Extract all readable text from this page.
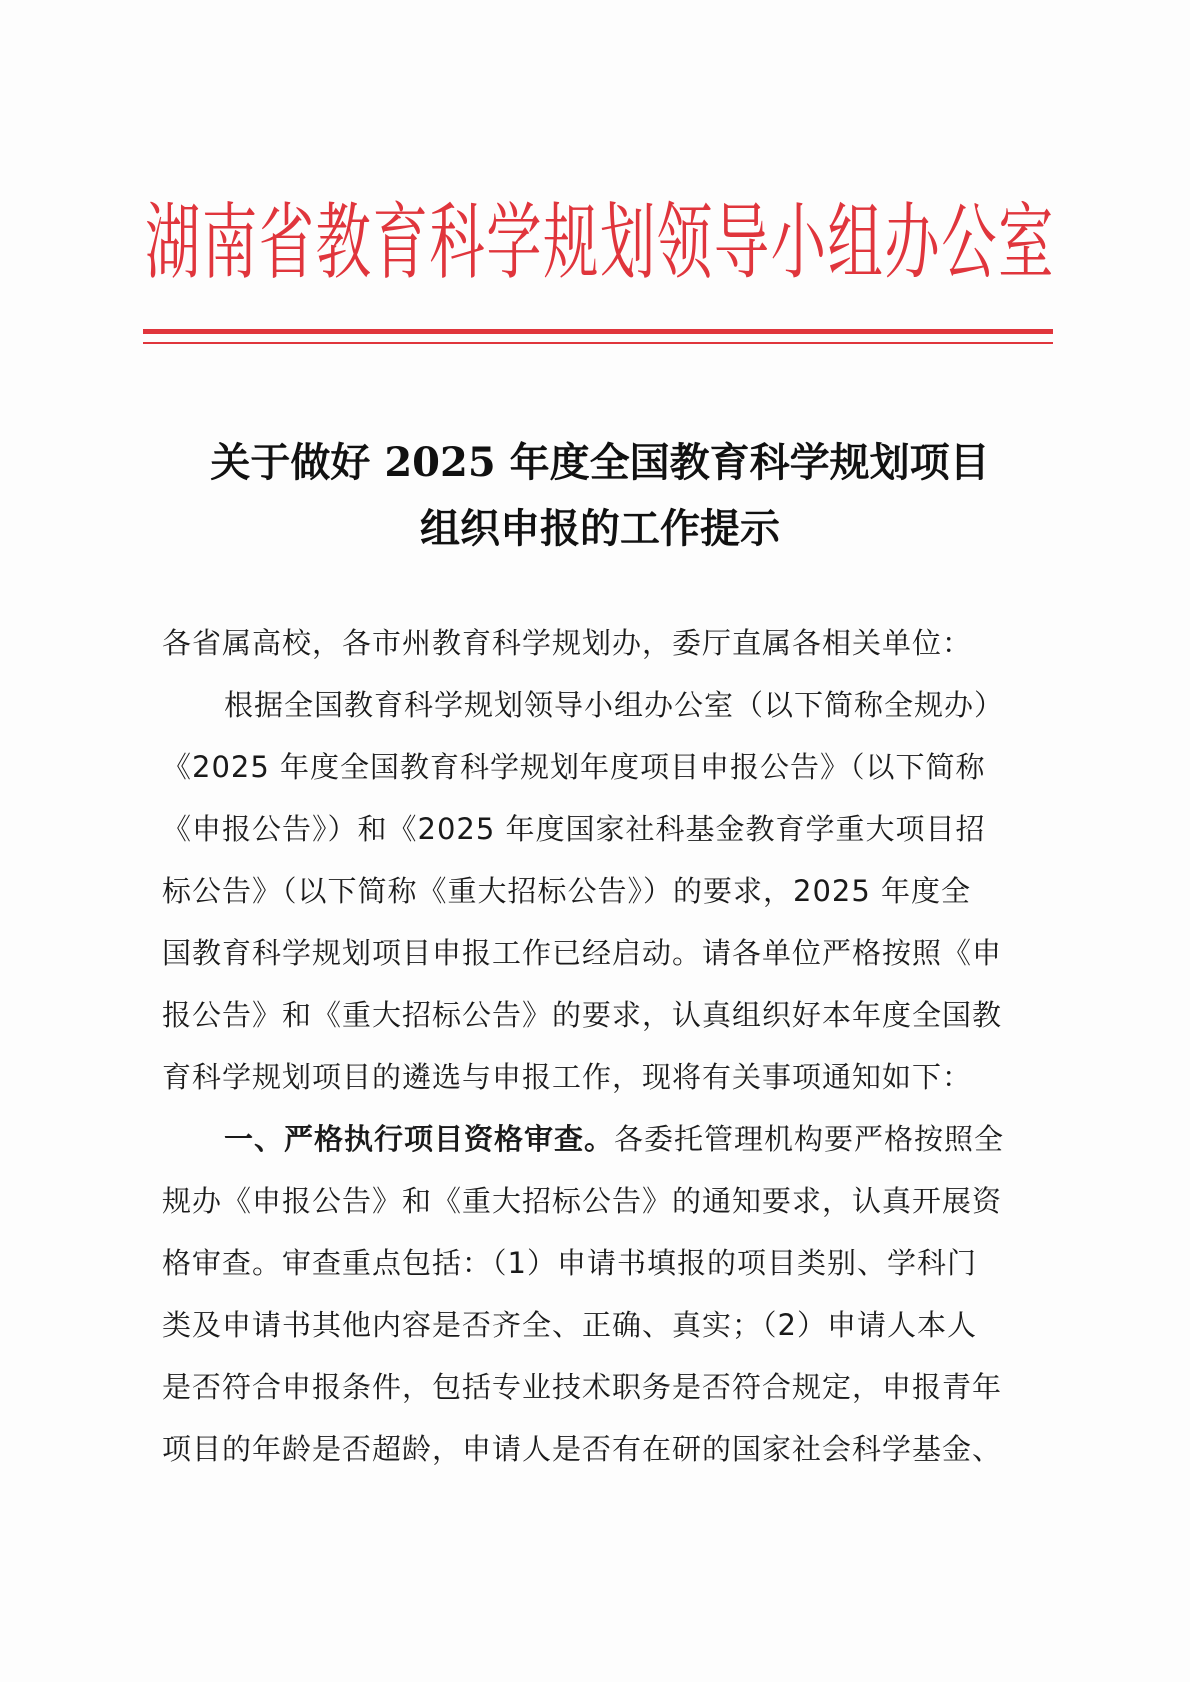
湖南省教育科学规划领导小组办公室
关于做好 2025 年度全国教育科学规划项目
组织申报的工作提示
各省属高校，各市州教育科学规划办，委厅直属各相关单位：
根据全国教育科学规划领导小组办公室（以下简称全规办）
《2025 年度全国教育科学规划年度项目申报公告》（以下简称
《申报公告》）和《2025 年度国家社科基金教育学重大项目招
标公告》（以下简称《重大招标公告》）的要求，2025 年度全
国教育科学规划项目申报工作已经启动。请各单位严格按照《申
报公告》和《重大招标公告》的要求，认真组织好本年度全国教
育科学规划项目的遴选与申报工作，现将有关事项通知如下：
一、严格执行项目资格审查。各委托管理机构要严格按照全
规办《申报公告》和《重大招标公告》的通知要求，认真开展资
格审查。审查重点包括：（1）申请书填报的项目类别、学科门
类及申请书其他内容是否齐全、正确、真实；（2）申请人本人
是否符合申报条件，包括专业技术职务是否符合规定，申报青年
项目的年龄是否超龄，申请人是否有在研的国家社会科学基金、
